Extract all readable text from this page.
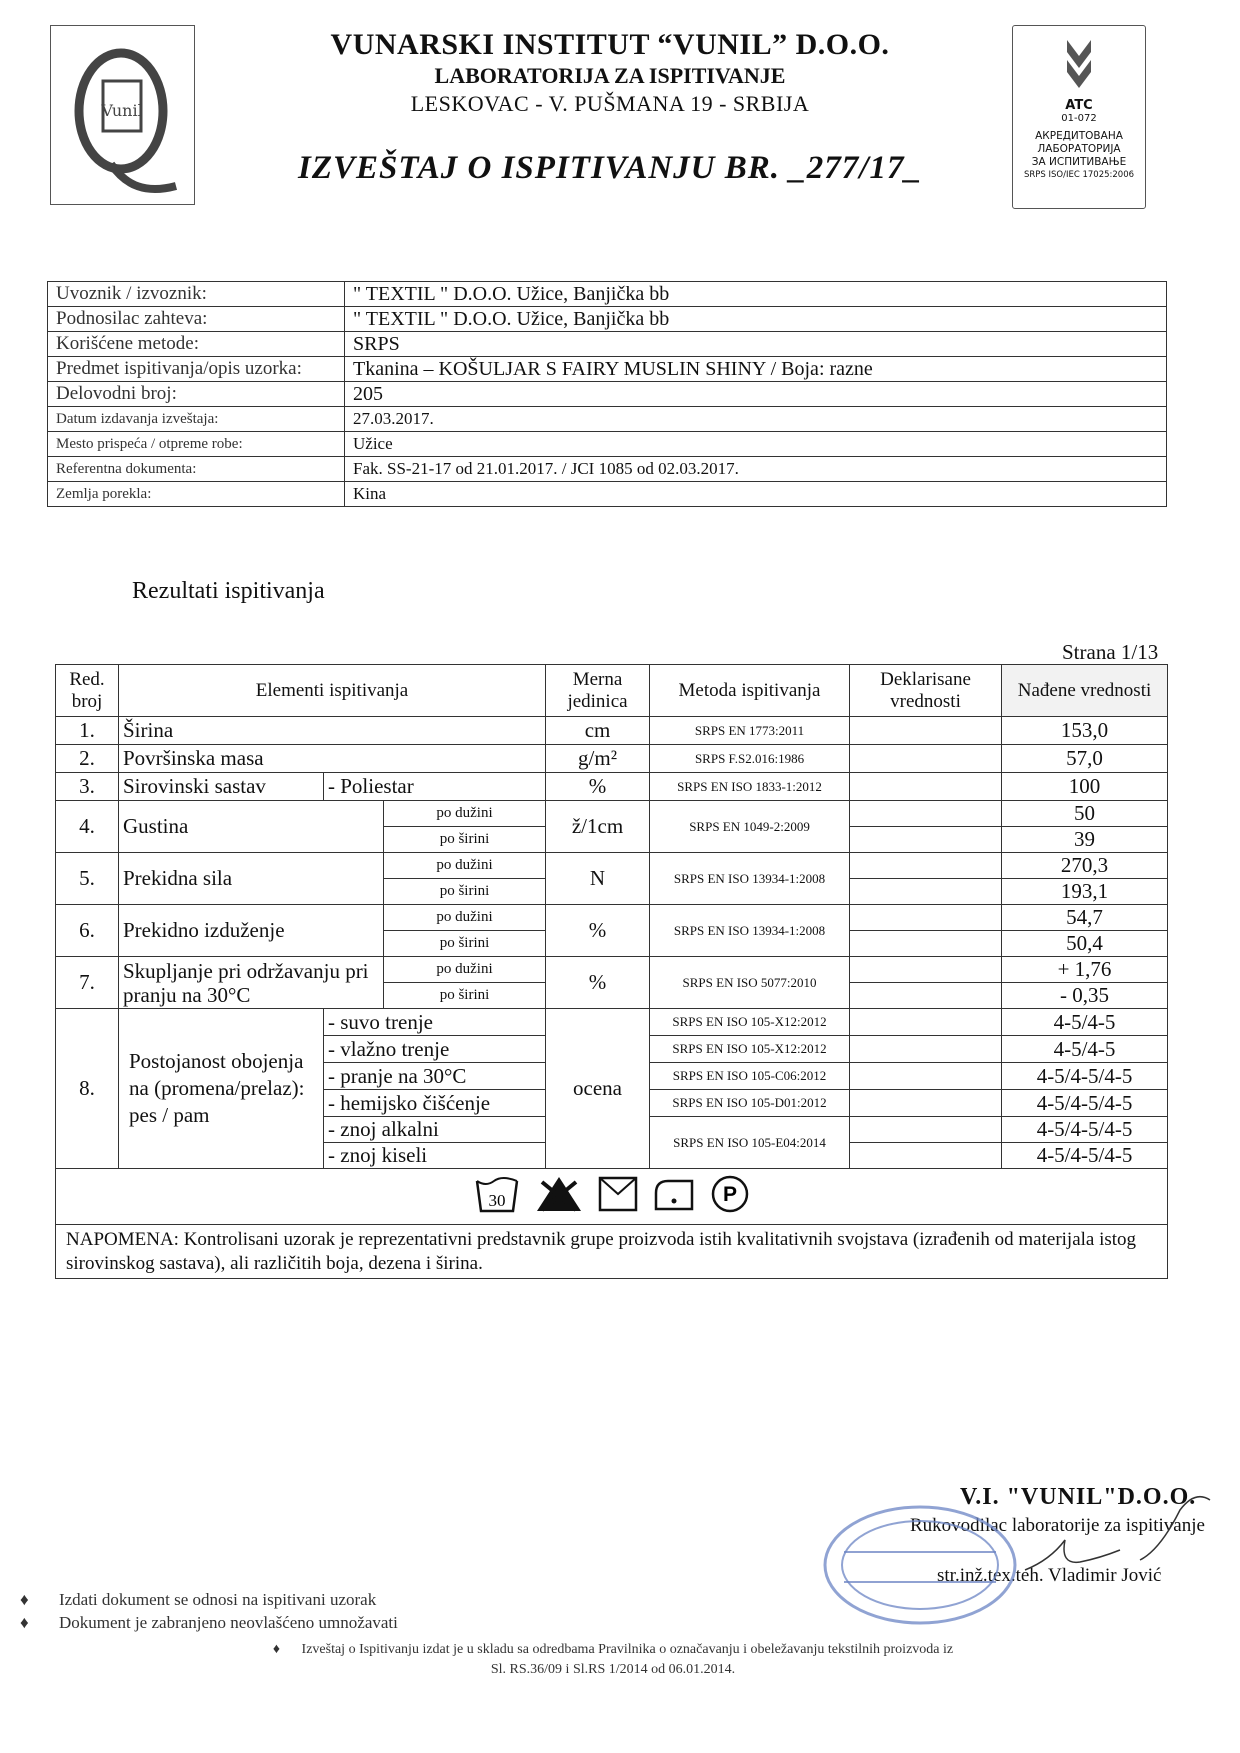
Vunil
VUNARSKI INSTITUT “VUNIL” D.O.O.
LABORATORIJA ZA ISPITIVANJE
LESKOVAC - V. PUŠMANA 19 - SRBIJA
IZVEŠTAJ O ISPITIVANJU BR. _277/17_
ATC
01-072
АКРЕДИТОВАНА
ЛАБОРАТОРИЈА
ЗА ИСПИТИВАЊЕ
SRPS ISO/IEC 17025:2006
Uvoznik / izvoznik:	" TEXTIL " D.O.O. Užice, Banjička bb
Podnosilac zahteva:	" TEXTIL " D.O.O. Užice, Banjička bb
Korišćene metode:	SRPS
Predmet ispitivanja/opis uzorka:	Tkanina – KOŠULJAR S FAIRY MUSLIN SHINY / Boja: razne
Delovodni broj:	205
Datum izdavanja izveštaja:	27.03.2017.
Mesto prispeća / otpreme robe:	Užice
Referentna dokumenta:	Fak. SS-21-17 od 21.01.2017. / JCI 1085 od 02.03.2017.
Zemlja porekla:	Kina
Rezultati ispitivanja
Strana 1/13
Red. broj	Elementi ispitivanja			Merna jedinica	Metoda ispitivanja	Deklarisane vrednosti	Nađene vrednosti
1.	Širina			cm	SRPS EN 1773:2011		153,0
2.	Površinska masa			g/m²	SRPS F.S2.016:1986		57,0
3.	Sirovinski sastav	- Poliestar		%	SRPS EN ISO 1833-1:2012		100
4.	Gustina		po dužini	ž/1cm	SRPS EN 1049-2:2009		50
			po širini				39
5.	Prekidna sila		po dužini	N	SRPS EN ISO 13934-1:2008		270,3
			po širini				193,1
6.	Prekidno izduženje		po dužini	%	SRPS EN ISO 13934-1:2008		54,7
			po širini				50,4
7.	Skupljanje pri održavanju pri pranju na 30°C		po dužini	%	SRPS EN ISO 5077:2010		+ 1,76
			po širini				- 0,35
8.	Postojanost obojenja na (promena/prelaz): pes / pam	- suvo trenje		ocena	SRPS EN ISO 105-X12:2012		4-5/4-5
		- vlažno trenje			SRPS EN ISO 105-X12:2012		4-5/4-5
		- pranje na 30°C			SRPS EN ISO 105-C06:2012		4-5/4-5/4-5
		- hemijsko čišćenje			SRPS EN ISO 105-D01:2012		4-5/4-5/4-5
		- znoj alkalni			SRPS EN ISO 105-E04:2014		4-5/4-5/4-5
		- znoj kiseli					4-5/4-5/4-5

30 P							

NAPOMENA: Kontrolisani uzorak je reprezentativni predstavnik grupe proizvoda istih kvalitativnih svojstava (izrađenih od materijala istog sirovinskog sastava), ali različitih boja, dezena i širina.							
V.I. "VUNIL"D.O.O.
Rukovodilac laboratorije za ispitivanje
str.inž.tex.teh. Vladimir Jović
♦ Izdati dokument se odnosi na ispitivani uzorak
♦ Dokument je zabranjeno neovlašćeno umnožavati
♦ Izveštaj o Ispitivanju izdat je u skladu sa odredbama Pravilnika o označavanju i obeležavanju tekstilnih proizvoda iz
Sl. RS.36/09 i Sl.RS 1/2014 od 06.01.2014.
